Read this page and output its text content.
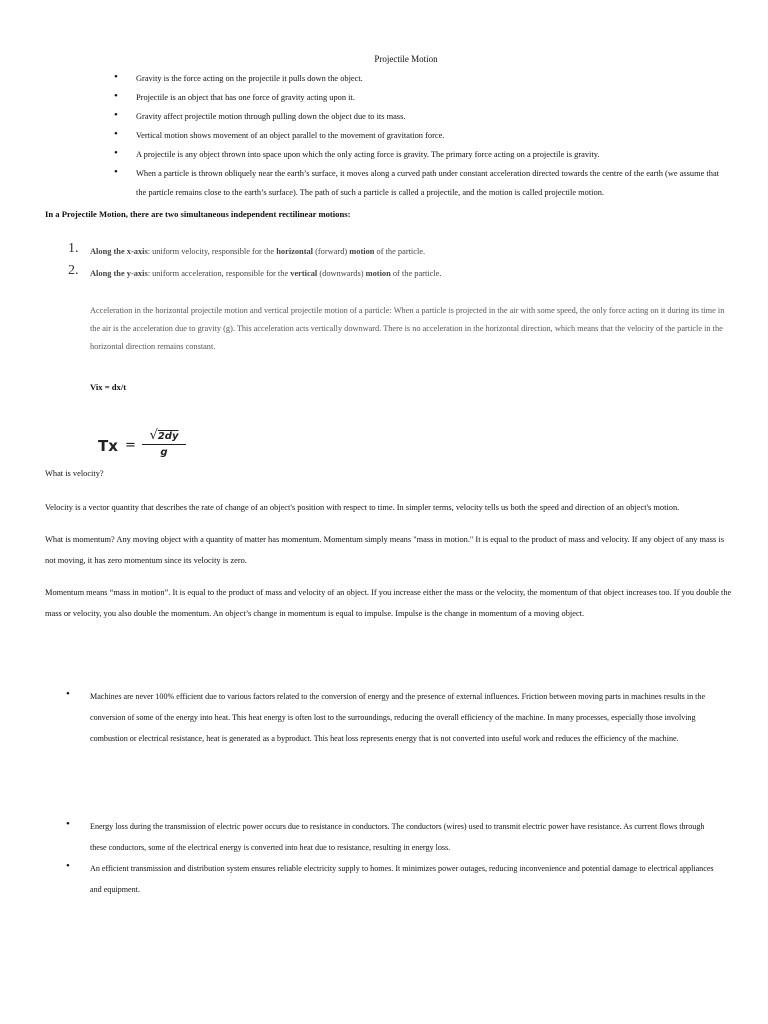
Projectile Motion
• Gravity is the force acting on the projectile it pulls down the object.
• Projectile is an object that has one force of gravity acting upon it.
• Gravity affect projectile motion through pulling down the object due to its mass.
• Vertical motion shows movement of an object parallel to the movement of gravitation force.
• A projectile is any object thrown into space upon which the only acting force is gravity. The primary force acting on a projectile is gravity.
• When a particle is thrown obliquely near the earth’s surface, it moves along a curved path under constant acceleration directed towards the centre of the earth (we assume that the particle remains close to the earth’s surface). The path of such a particle is called a projectile, and the motion is called projectile motion.
In a Projectile Motion, there are two simultaneous independent rectilinear motions:
1. Along the x-axis: uniform velocity, responsible for the horizontal (forward) motion of the particle.
2. Along the y-axis: uniform acceleration, responsible for the vertical (downwards) motion of the particle.
Acceleration in the horizontal projectile motion and vertical projectile motion of a particle: When a particle is projected in the air with some speed, the only force acting on it during its time in the air is the acceleration due to gravity (g). This acceleration acts vertically downward. There is no acceleration in the horizontal direction, which means that the velocity of the particle in the horizontal direction remains constant.
Vix = dx/t
Tx =
√2dy
g
What is velocity?
Velocity is a vector quantity that describes the rate of change of an object's position with respect to time. In simpler terms, velocity tells us both the speed and direction of an object's motion.
What is momentum? Any moving object with a quantity of matter has momentum. Momentum simply means "mass in motion." It is equal to the product of mass and velocity. If any object of any mass is not moving, it has zero momentum since its velocity is zero.
Momentum means “mass in motion”. It is equal to the product of mass and velocity of an object. If you increase either the mass or the velocity, the momentum of that object increases too. If you double the mass or velocity, you also double the momentum. An object’s change in momentum is equal to impulse. Impulse is the change in momentum of a moving object.
• Machines are never 100% efficient due to various factors related to the conversion of energy and the presence of external influences. Friction between moving parts in machines results in the conversion of some of the energy into heat. This heat energy is often lost to the surroundings, reducing the overall efficiency of the machine. In many processes, especially those involving combustion or electrical resistance, heat is generated as a byproduct. This heat loss represents energy that is not converted into useful work and reduces the efficiency of the machine.
• Energy loss during the transmission of electric power occurs due to resistance in conductors. The conductors (wires) used to transmit electric power have resistance. As current flows through these conductors, some of the electrical energy is converted into heat due to resistance, resulting in energy loss.
• An efficient transmission and distribution system ensures reliable electricity supply to homes. It minimizes power outages, reducing inconvenience and potential damage to electrical appliances and equipment.
